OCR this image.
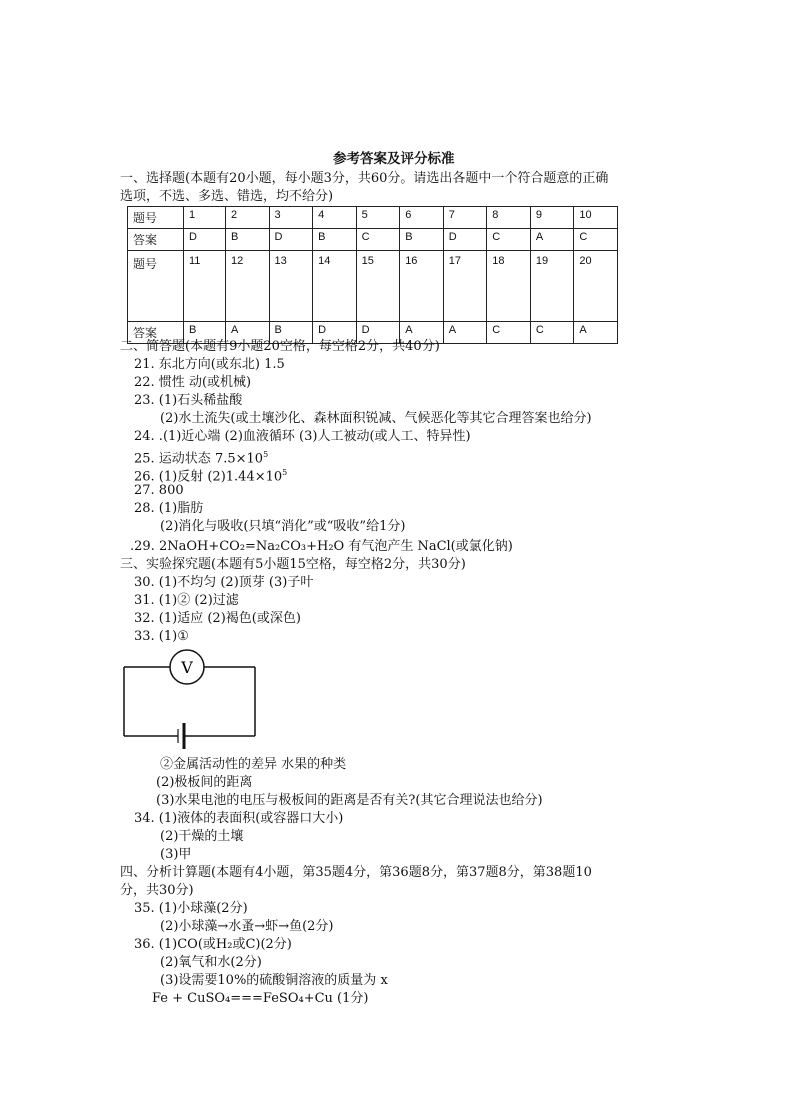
参考答案及评分标准
一、选择题(本题有20小题，每小题3分，共60分。请选出各题中一个符合题意的正确
选项，不选、多选、错选，均不给分)
题号	1	2	3	4	5	6	7	8	9	10
答案	D	B	D	B	C	B	D	C	A	C
题号	11	12	13	14	15	16	17	18	19	20
答案	B	A	B	D	D	A	A	C	C	A
二、简答题(本题有9小题20空格，每空格2分，共40分)
21. 东北方向(或东北) 1.5
22. 惯性 动(或机械)
23. (1)石头稀盐酸
(2)水土流失(或土壤沙化、森林面积锐减、气候恶化等其它合理答案也给分)
24. .(1)近心端 (2)血液循环 (3)人工被动(或人工、特异性)
25. 运动状态 $7.5\times 10^5$
26. (1)反射 $(2)1.44\times 10^5$
27. 800
28. (1)脂肪
(2)消化与吸收(只填“消化”或“吸收”给1分)
.29. 2NaOH+CO₂=Na₂CO₃+H₂O 有气泡产生 NaCl(或氯化钠)
三、实验探究题(本题有5小题15空格，每空格2分，共30分)
30. (1)不均匀 (2)顶芽 (3)子叶
31. (1)② (2)过滤
32. (1)适应 (2)褐色(或深色)
33. (1)①
V
②金属活动性的差异 水果的种类
(2)极板间的距离
(3)水果电池的电压与极板间的距离是否有关?(其它合理说法也给分)
34. (1)液体的表面积(或容器口大小)
(2)干燥的土壤
(3)甲
四、分析计算题(本题有4小题，第35题4分，第36题8分，第37题8分，第38题10
分，共30分)
35. (1)小球藻(2分)
(2)小球藻→水蚤→虾→鱼(2分)
36. (1)CO(或H₂或C)(2分)
(2)氧气和水(2分)
(3)设需要10%的硫酸铜溶液的质量为 x
Fe + CuSO₄===FeSO₄+Cu (1分)
